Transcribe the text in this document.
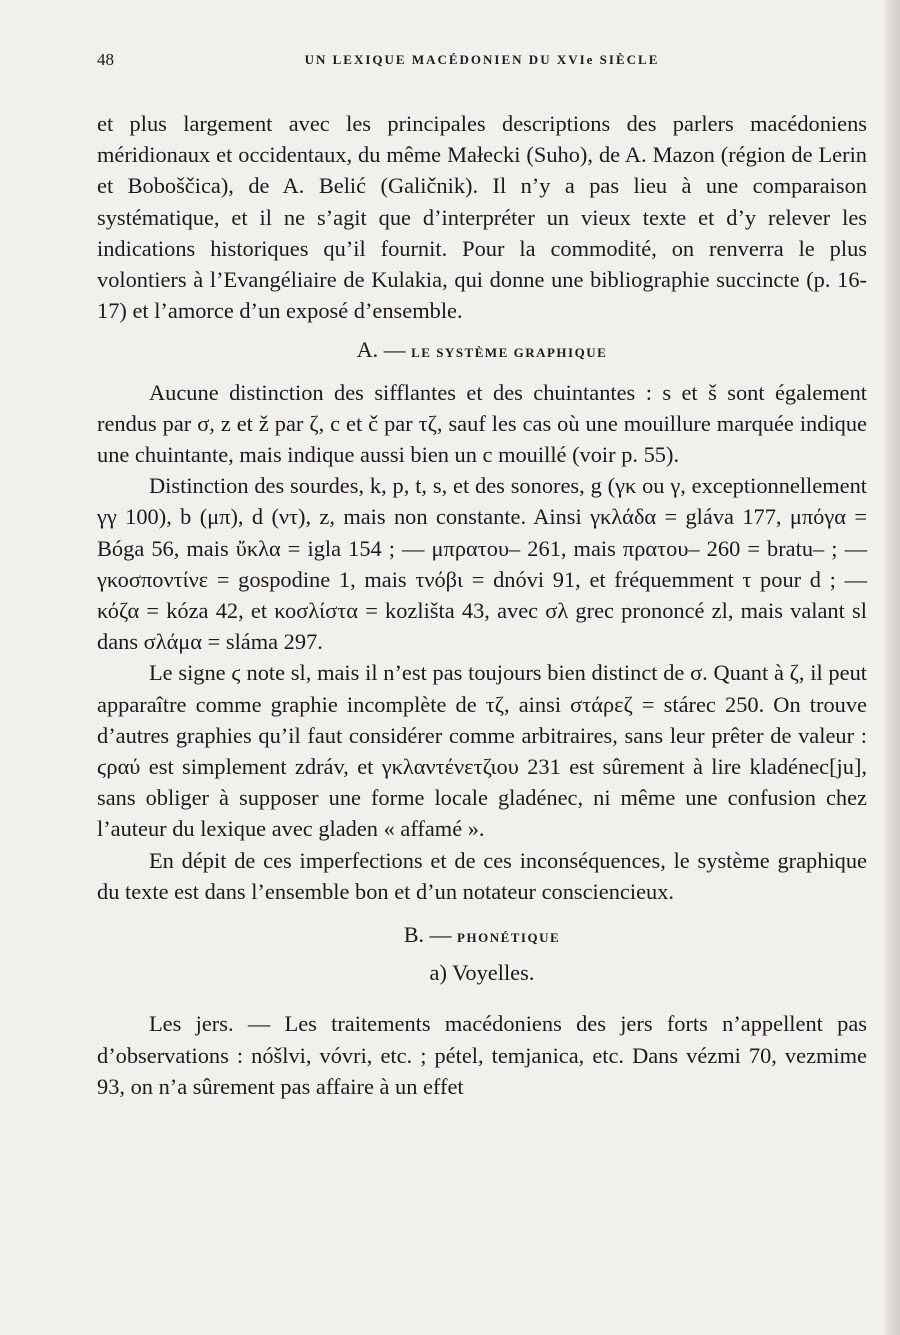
48	UN LEXIQUE MACÉDONIEN DU XVIe SIÈCLE

et plus largement avec les principales descriptions des parlers macédoniens méridionaux et occidentaux, du même Małecki (Suho), de A. Mazon (région de Lerin et Boboščica), de A. Belić (Galičnik). Il n’y a pas lieu à une comparaison systématique, et il ne s’agit que d’interpréter un vieux texte et d’y relever les indications historiques qu’il fournit. Pour la commodité, on renverra le plus volontiers à l’Evangéliaire de Kulakia, qui donne une bibliographie succincte (p. 16-17) et l’amorce d’un exposé d’ensemble.

A. — LE SYSTÈME GRAPHIQUE

Aucune distinction des sifflantes et des chuintantes : s et š sont également rendus par σ, z et ž par ζ, c et č par τζ, sauf les cas où une mouillure marquée indique une chuintante, mais indique aussi bien un c mouillé (voir p. 55).

Distinction des sourdes, k, p, t, s, et des sonores, g (γκ ou γ, exceptionnellement γγ 100), b (μπ), d (ντ), z, mais non constante. Ainsi γκλάδα = gláva 177, μπόγα = Bóga 56, mais ὔκλα = igla 154 ; — μπρατου– 261, mais πρατου– 260 = bratu– ; — γκοσποντίνε = gospodine 1, mais τνόβι = dnóvi 91, et fréquemment τ pour d ; — κόζα = kóza 42, et κοσλίστα = kozlišta 43, avec σλ grec prononcé zl, mais valant sl dans σλάμα = sláma 297.

Le signe ϛ note sl, mais il n’est pas toujours bien distinct de σ. Quant à ζ, il peut apparaître comme graphie incomplète de τζ, ainsi στάρεζ = stárec 250. On trouve d’autres graphies qu’il faut considérer comme arbitraires, sans leur prêter de valeur : ϛραύ est simplement zdráv, et γκλαντένετζιου 231 est sûrement à lire kladénec[ju], sans obliger à supposer une forme locale gladénec, ni même une confusion chez l’auteur du lexique avec gladen « affamé ».

En dépit de ces imperfections et de ces inconséquences, le système graphique du texte est dans l’ensemble bon et d’un notateur consciencieux.

B. — PHONÉTIQUE
a) Voyelles.

Les jers. — Les traitements macédoniens des jers forts n’appellent pas d’observations : nóšlvi, vóvri, etc. ; pétel, temjanica, etc. Dans vézmi 70, vezmime 93, on n’a sûrement pas affaire à un effet
